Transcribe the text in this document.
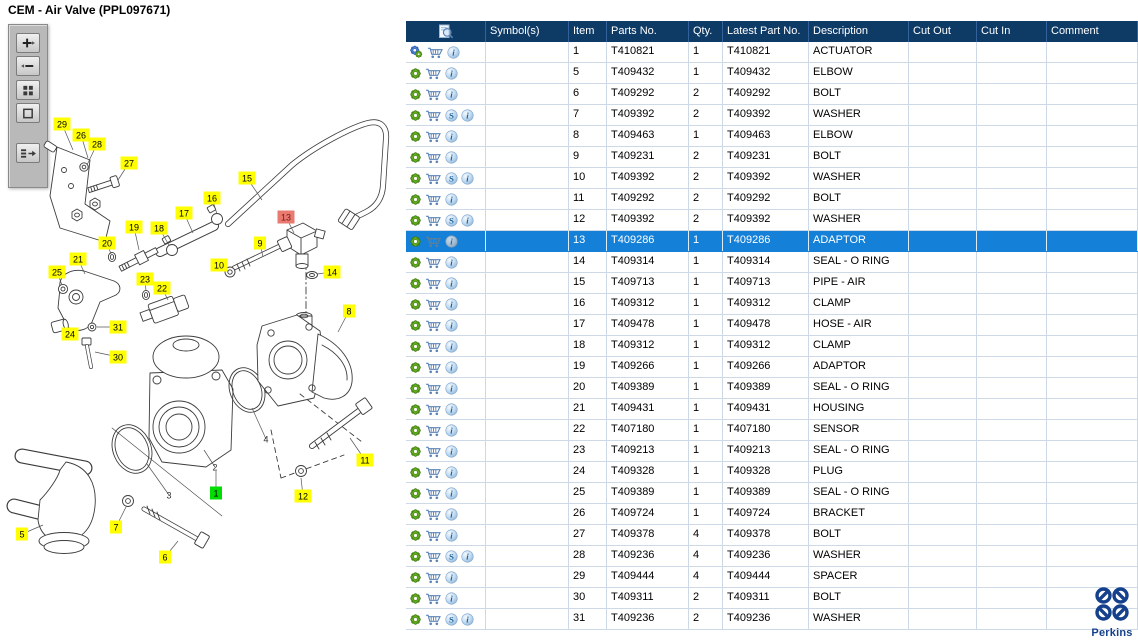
CEM - Air Valve (PPL097671)
29
26
28
27
15
16
17	13
19 18
20	9
21
10
25	14
23
22
8
31
24
30
4
11
2
1
3	12
7
5
6
Symbol(s)	Item	Parts No.	Qty.	Latest Part No.	Description	Cut Out	Cut In	Comment
i	1	T410821	1	T410821	ACTUATOR
i	5	T409432	1	T409432	ELBOW
i	6	T409292	2	T409292	BOLT
S i	7	T409392	2	T409392	WASHER
i	8	T409463	1	T409463	ELBOW
i	9	T409231	2	T409231	BOLT
S i	10	T409392	2	T409392	WASHER
i	11	T409292	2	T409292	BOLT
S i	12	T409392	2	T409392	WASHER
i	13	T409286	1	T409286	ADAPTOR
i	14	T409314	1	T409314	SEAL - O RING
i	15	T409713	1	T409713	PIPE - AIR
i	16	T409312	1	T409312	CLAMP
i	17	T409478	1	T409478	HOSE - AIR
i	18	T409312	1	T409312	CLAMP
i	19	T409266	1	T409266	ADAPTOR
i	20	T409389	1	T409389	SEAL - O RING
i	21	T409431	1	T409431	HOUSING
i	22	T407180	1	T407180	SENSOR
i	23	T409213	1	T409213	SEAL - O RING
i	24	T409328	1	T409328	PLUG
i	25	T409389	1	T409389	SEAL - O RING
i	26	T409724	1	T409724	BRACKET
i	27	T409378	4	T409378	BOLT
S i	28	T409236	4	T409236	WASHER
i	29	T409444	4	T409444	SPACER
i	30	T409311	2	T409311	BOLT
S i	31	T409236	2	T409236	WASHER
Perkins
